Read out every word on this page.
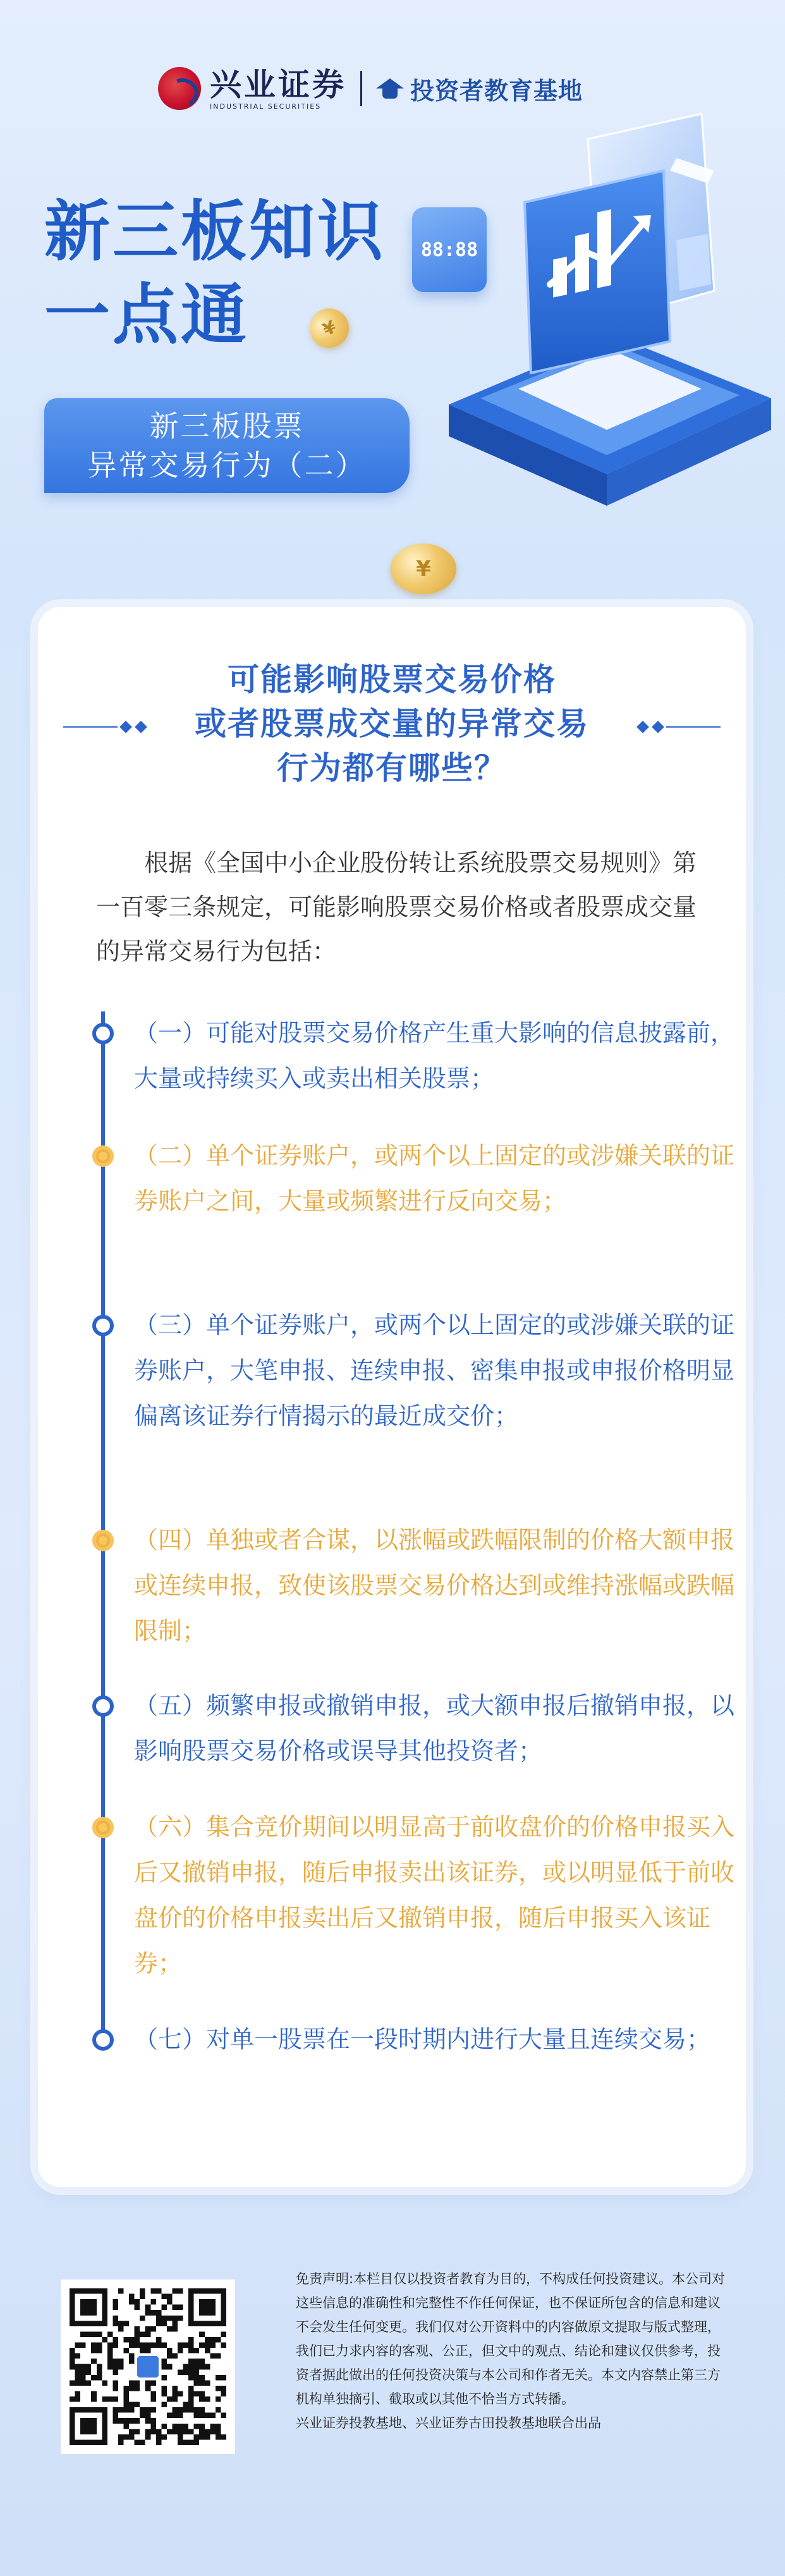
兴业证券
INDUSTRIAL SECURITIES
投资者教育基地
新三板知识
一点通
新三板股票
异常交易行为（二）
¥
¥
88:88
可能影响股票交易价格
或者股票成交量的异常交易
行为都有哪些？

根据《全国中小企业股份转让系统股票交易规则》第一百零三条规定，可能影响股票交易价格或者股票成交量的异常交易行为包括：

（一）可能对股票交易价格产生重大影响的信息披露前，大量或持续买入或卖出相关股票；
（二）单个证券账户，或两个以上固定的或涉嫌关联的证券账户之间，大量或频繁进行反向交易；
（三）单个证券账户，或两个以上固定的或涉嫌关联的证券账户，大笔申报、连续申报、密集申报或申报价格明显偏离该证券行情揭示的最近成交价；
（四）单独或者合谋，以涨幅或跌幅限制的价格大额申报或连续申报，致使该股票交易价格达到或维持涨幅或跌幅限制；
（五）频繁申报或撤销申报，或大额申报后撤销申报，以影响股票交易价格或误导其他投资者；
（六）集合竞价期间以明显高于前收盘价的价格申报买入后又撤销申报，随后申报卖出该证券，或以明显低于前收盘价的价格申报卖出后又撤销申报，随后申报买入该证券；
（七）对单一股票在一段时期内进行大量且连续交易；

免责声明:本栏目仅以投资者教育为目的，不构成任何投资建议。本公司对这些信息的准确性和完整性不作任何保证，也不保证所包含的信息和建议不会发生任何变更。我们仅对公开资料中的内容做原文提取与版式整理，我们已力求内容的客观、公正，但文中的观点、结论和建议仅供参考，投资者据此做出的任何投资决策与本公司和作者无关。本文内容禁止第三方机构单独摘引、截取或以其他不恰当方式转播。

兴业证券投教基地、兴业证券古田投教基地联合出品
